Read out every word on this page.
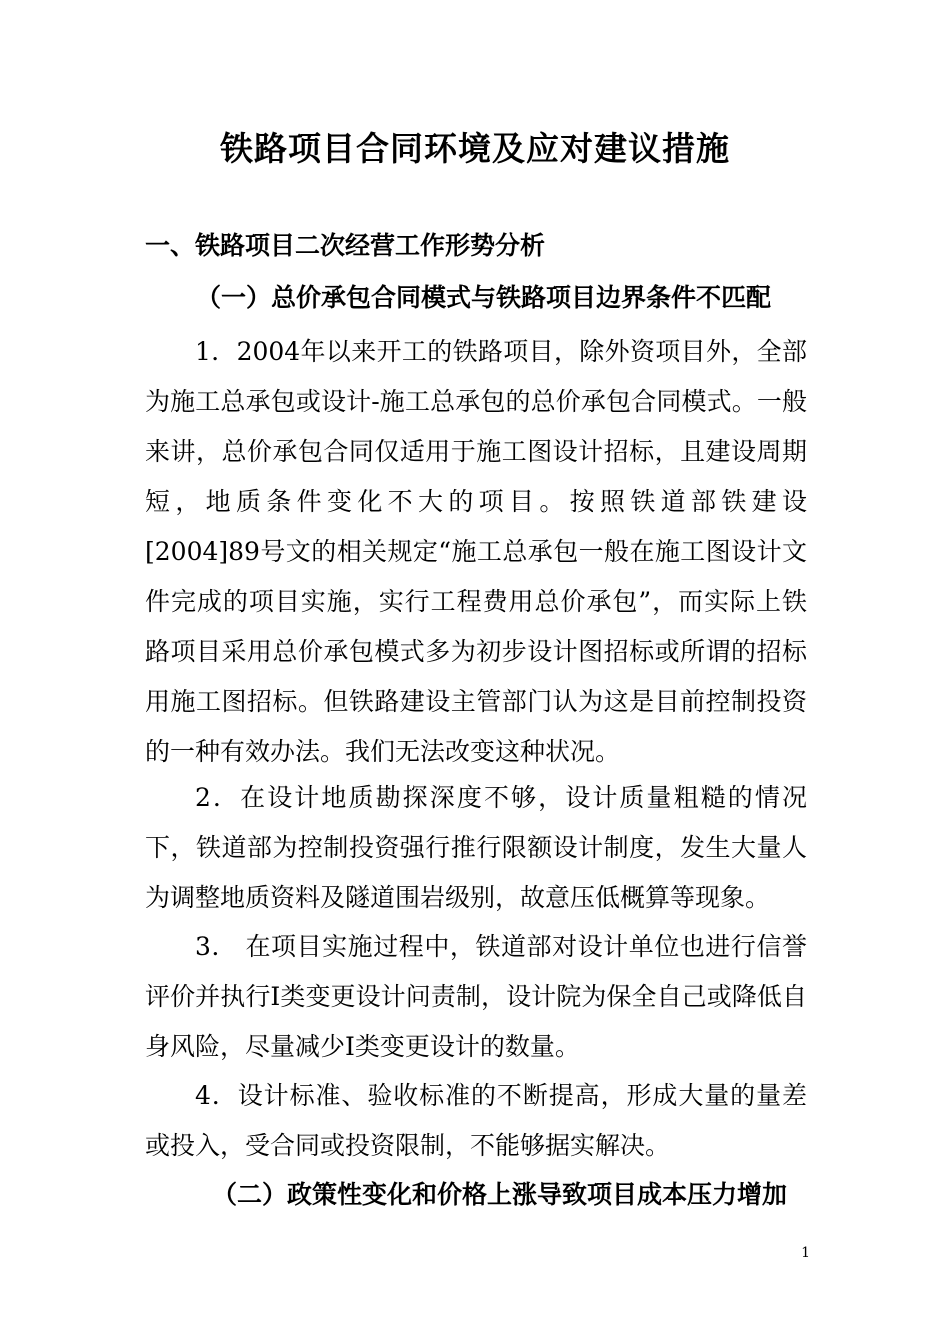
铁路项目合同环境及应对建议措施
一、铁路项目二次经营工作形势分析
（一）总价承包合同模式与铁路项目边界条件不匹配

1．2004年以来开工的铁路项目，除外资项目外，全部为施工总承包或设计-施工总承包的总价承包合同模式。一般来讲，总价承包合同仅适用于施工图设计招标，且建设周期短，地质条件变化不大的项目。按照铁道部铁建设[2004]89号文的相关规定“施工总承包一般在施工图设计文件完成的项目实施，实行工程费用总价承包”，而实际上铁路项目采用总价承包模式多为初步设计图招标或所谓的招标用施工图招标。但铁路建设主管部门认为这是目前控制投资的一种有效办法。我们无法改变这种状况。

2．在设计地质勘探深度不够，设计质量粗糙的情况下，铁道部为控制投资强行推行限额设计制度，发生大量人为调整地质资料及隧道围岩级别，故意压低概算等现象。

3． 在项目实施过程中，铁道部对设计单位也进行信誉评价并执行Ⅰ类变更设计问责制，设计院为保全自己或降低自身风险，尽量减少Ⅰ类变更设计的数量。

4．设计标准、验收标准的不断提高，形成大量的量差或投入，受合同或投资限制，不能够据实解决。

（二）政策性变化和价格上涨导致项目成本压力增加
1
